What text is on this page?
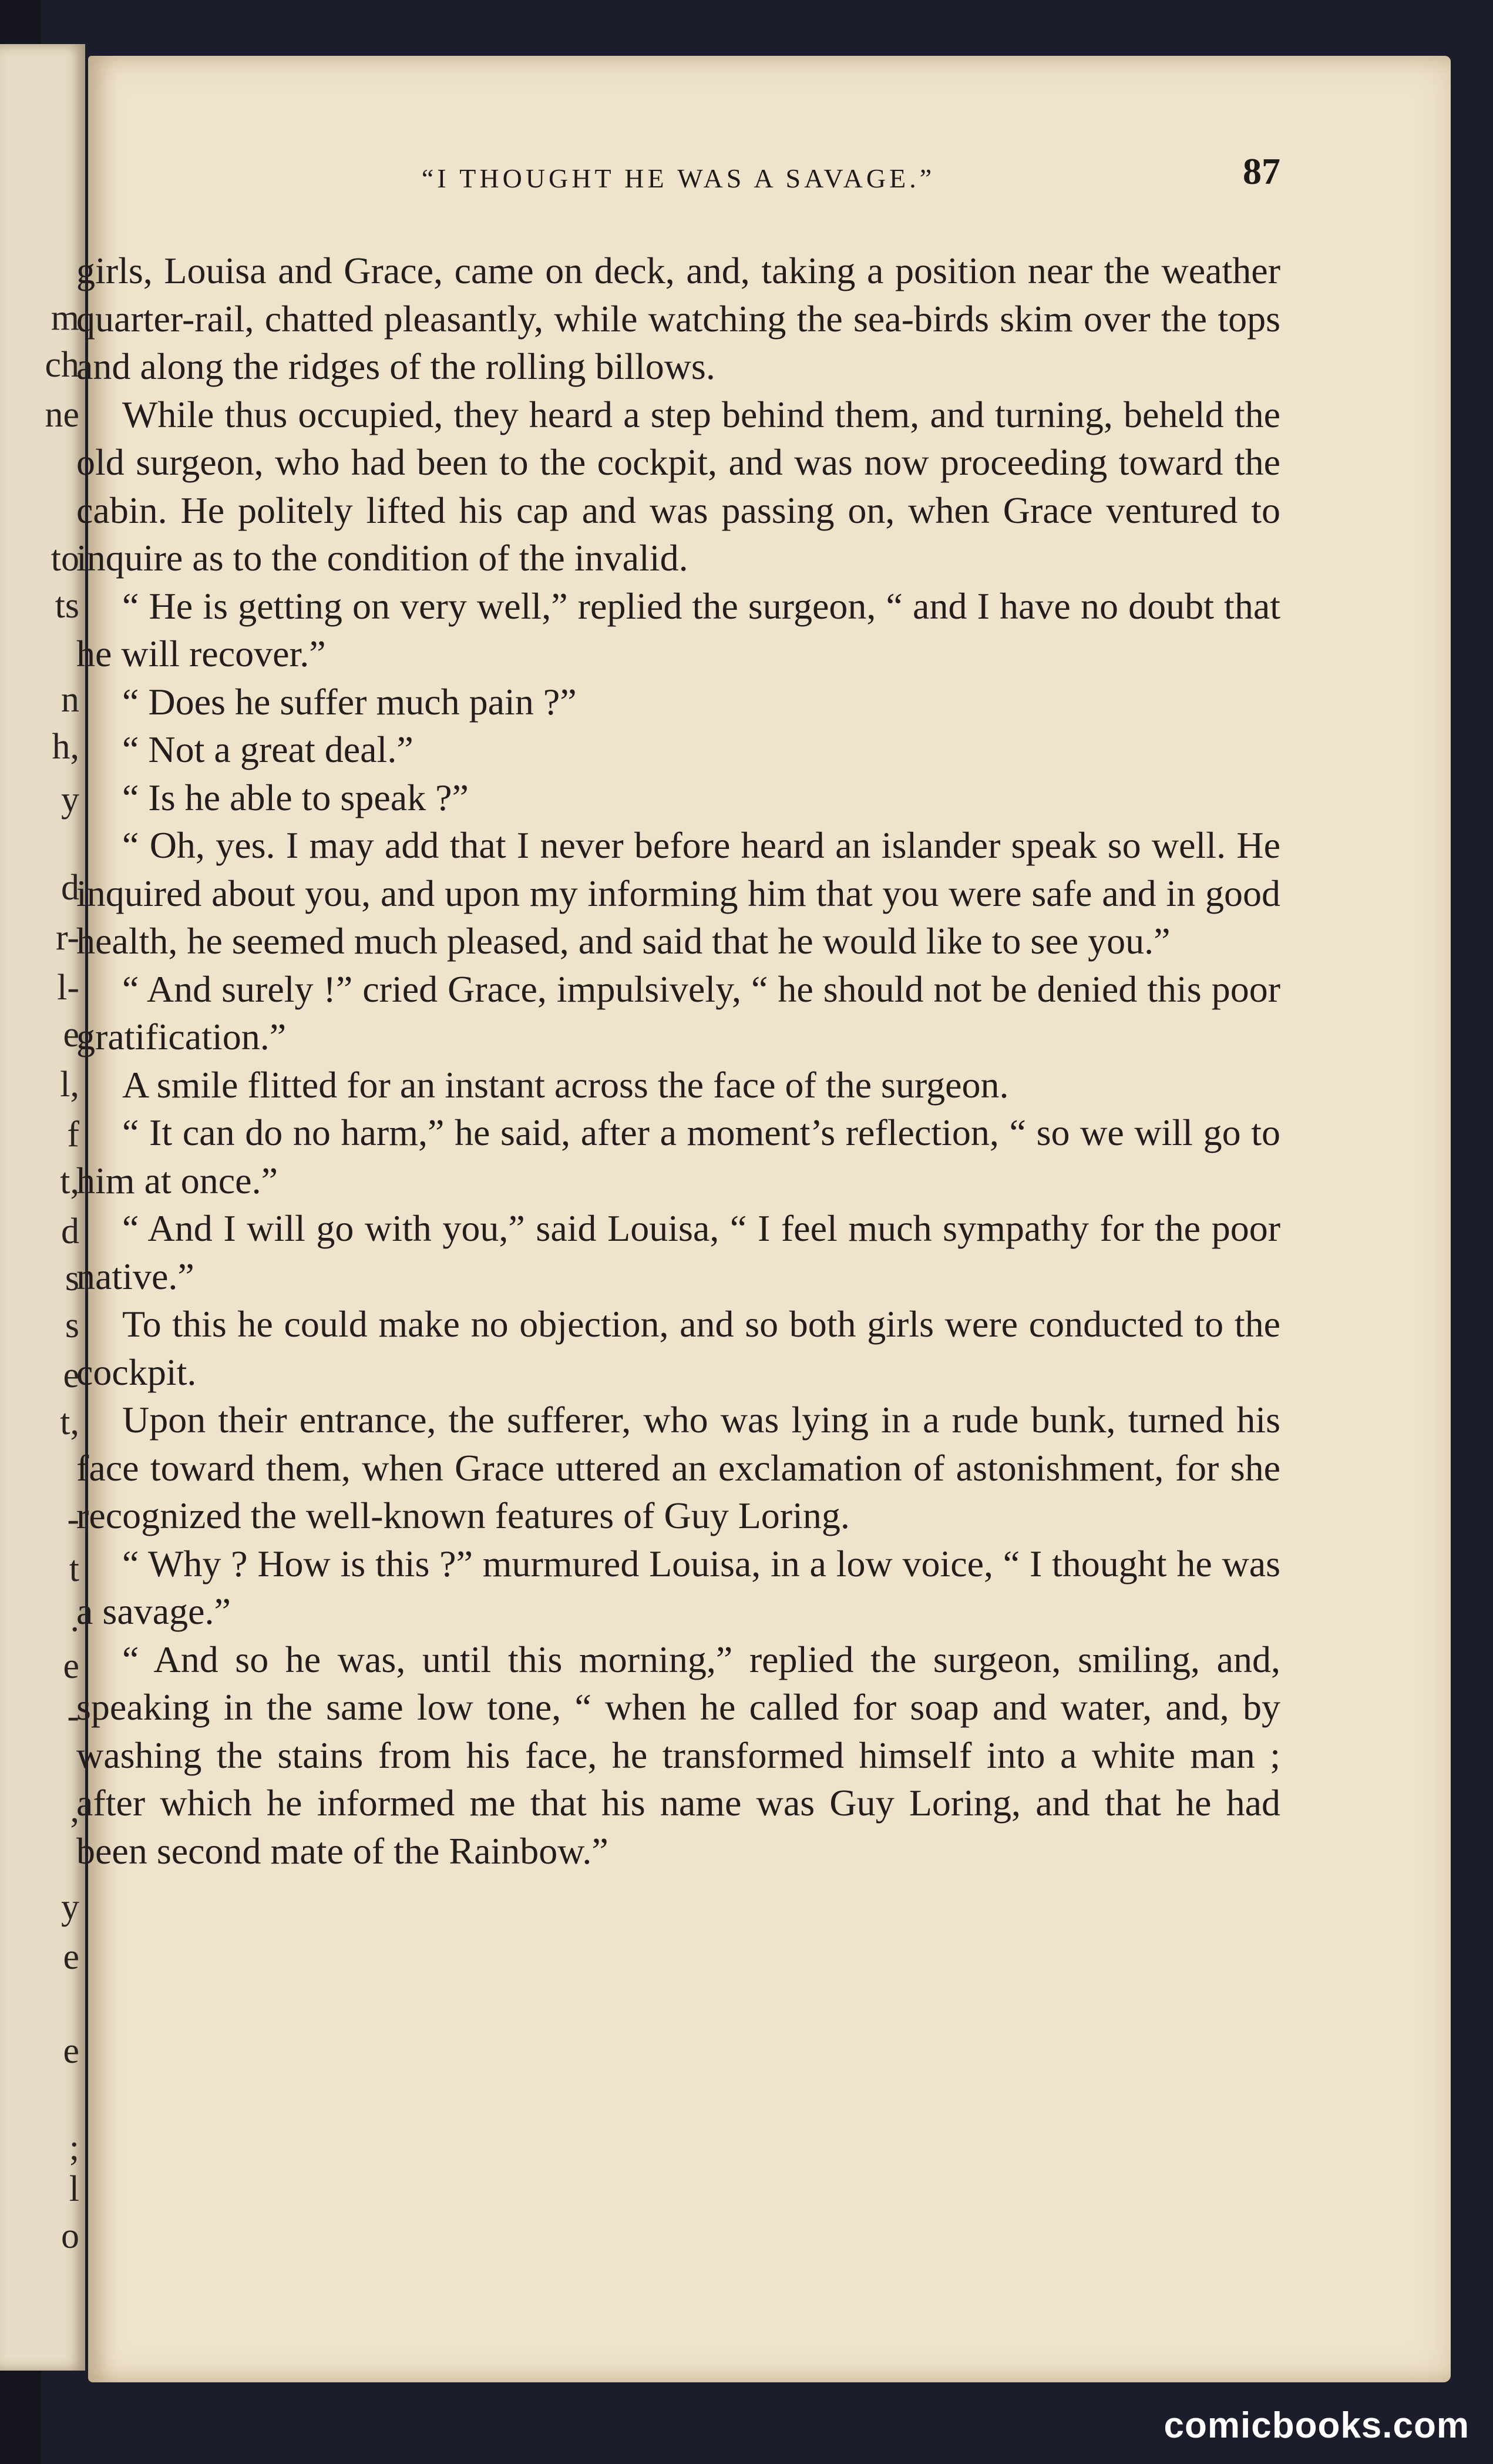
m
ch
ne
to
ts
n
h,
y
d
r-
l-
e
l,
f
t,
d
s
s
e
t,
-
t
.
e
-
,
y
e
e
;
l
o
“I THOUGHT HE WAS A SAVAGE.”	87

girls, Louisa and Grace, came on deck, and, taking a position near the weather quarter-rail, chatted pleasantly, while watching the sea-birds skim over the tops and along the ridges of the rolling billows.

While thus occupied, they heard a step behind them, and turning, beheld the old surgeon, who had been to the cockpit, and was now proceeding toward the cabin. He politely lifted his cap and was passing on, when Grace ventured to inquire as to the condition of the invalid.

“ He is getting on very well,” replied the surgeon, “ and I have no doubt that he will recover.”

“ Does he suffer much pain ?”

“ Not a great deal.”

“ Is he able to speak ?”

“ Oh, yes. I may add that I never before heard an islander speak so well. He inquired about you, and upon my informing him that you were safe and in good health, he seemed much pleased, and said that he would like to see you.”

“ And surely !” cried Grace, impulsively, “ he should not be denied this poor gratification.”

A smile flitted for an instant across the face of the surgeon.

“ It can do no harm,” he said, after a moment’s reflection, “ so we will go to him at once.”

“ And I will go with you,” said Louisa, “ I feel much sympathy for the poor native.”

To this he could make no objection, and so both girls were conducted to the cockpit.

Upon their entrance, the sufferer, who was lying in a rude bunk, turned his face toward them, when Grace uttered an exclamation of astonishment, for she recognized the well-known features of Guy Loring.

“ Why ? How is this ?” murmured Louisa, in a low voice, “ I thought he was a savage.”

“ And so he was, until this morning,” replied the surgeon, smiling, and, speaking in the same low tone, “ when he called for soap and water, and, by washing the stains from his face, he transformed himself into a white man ; after which he informed me that his name was Guy Loring, and that he had been second mate of the Rainbow.”

comicbooks.com
